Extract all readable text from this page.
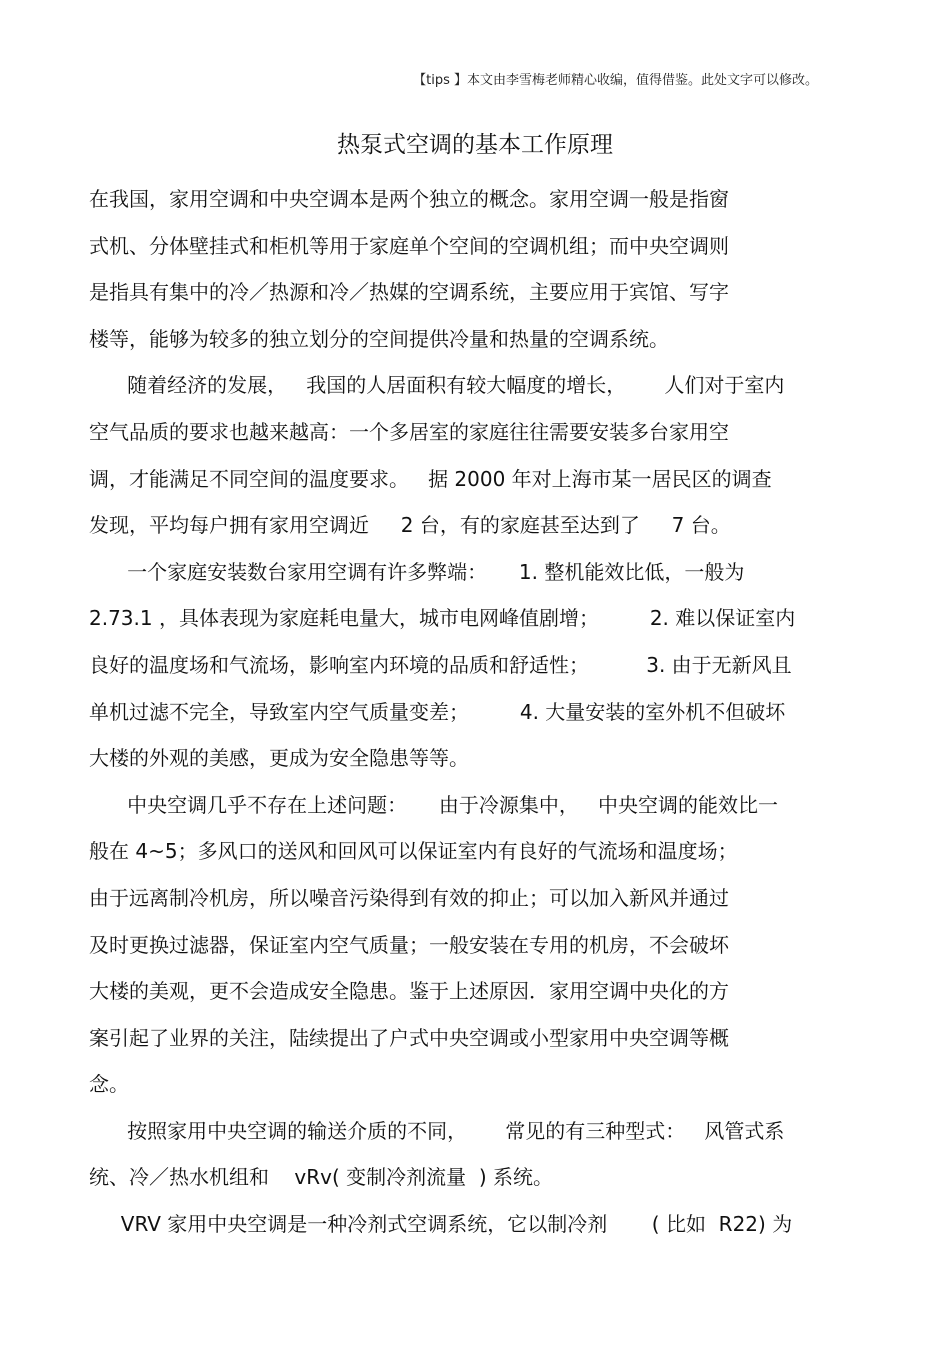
【tips 】本文由李雪梅老师精心收编，值得借鉴。此处文字可以修改。
热泵式空调的基本工作原理
在我国，家用空调和中央空调本是两个独立的概念。家用空调一般是指窗
式机、分体壁挂式和柜机等用于家庭单个空间的空调机组；而中央空调则
是指具有集中的冷／热源和冷／热媒的空调系统，主要应用于宾馆、写字
楼等，能够为较多的独立划分的空间提供冷量和热量的空调系统。
随着经济的发展，   我国的人居面积有较大幅度的增长，      人们对于室内
空气品质的要求也越来越高：一个多居室的家庭往往需要安装多台家用空
调，才能满足不同空间的温度要求。   据 2000 年对上海市某一居民区的调查
发现，平均每户拥有家用空调近     2 台，有的家庭甚至达到了     7 台。
一个家庭安装数台家用空调有许多弊端：     1. 整机能效比低，一般为
2.73.1 ，具体表现为家庭耗电量大，城市电网峰值剧增；        2. 难以保证室内
良好的温度场和气流场，影响室内环境的品质和舒适性；         3. 由于无新风且
单机过滤不完全，导致室内空气质量变差；        4. 大量安装的室外机不但破坏
大楼的外观的美感，更成为安全隐患等等。
中央空调几乎不存在上述问题：     由于冷源集中，   中央空调的能效比一
般在 4~5；多风口的送风和回风可以保证室内有良好的气流场和温度场；
由于远离制冷机房，所以噪音污染得到有效的抑止；可以加入新风并通过
及时更换过滤器，保证室内空气质量；一般安装在专用的机房，不会破坏
大楼的美观，更不会造成安全隐患。鉴于上述原因．家用空调中央化的方
案引起了业界的关注，陆续提出了户式中央空调或小型家用中央空调等概
念。
按照家用中央空调的输送介质的不同，      常见的有三种型式：   风管式系
统、冷／热水机组和    vRv( 变制冷剂流量  ) 系统。
VRV 家用中央空调是一种冷剂式空调系统，它以制冷剂       ( 比如  R22) 为
